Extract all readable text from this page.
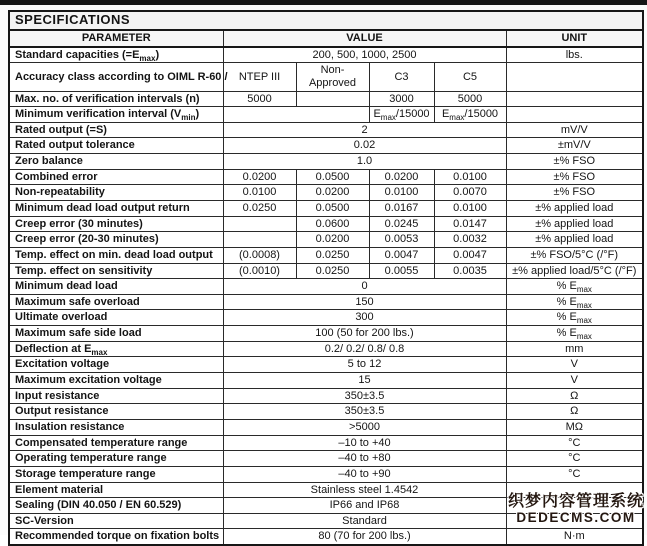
SPECIFICATIONS					
PARAMETER	VALUE				UNIT
Standard capacities $(=E_{max})$	200, 500, 1000, 2500				lbs.
Accuracy class according to OIML R-60 /	NTEP III	Non-Approved	C3	C5	
Max. no. of verification intervals (n)	5000		3000	5000	
Minimum verification interval $(V_{min})$			$E_{max}/15000$	$E_{max}/15000$	
Rated output (=S)	2				mV/V
Rated output tolerance	0.02				±mV/V
Zero balance	1.0				±% FSO
Combined error	0.0200	0.0500	0.0200	0.0100	±% FSO
Non-repeatability	0.0100	0.0200	0.0100	0.0070	±% FSO
Minimum dead load output return	0.0250	0.0500	0.0167	0.0100	±% applied load
Creep error (30 minutes)		0.0600	0.0245	0.0147	±% applied load
Creep error (20-30 minutes)		0.0200	0.0053	0.0032	±% applied load
Temp. effect on min. dead load output	(0.0008)	0.0250	0.0047	0.0047	±% FSO/5°C (/°F)
Temp. effect on sensitivity	(0.0010)	0.0250	0.0055	0.0035	±% applied load/5°C (/°F)
Minimum dead load	0				% $E_{max}$
Maximum safe overload	150				% $E_{max}$
Ultimate overload	300				% $E_{max}$
Maximum safe side load	100 (50 for 200 lbs.)				% $E_{max}$
Deflection at $E_{max}$	0.2/ 0.2/ 0.8/ 0.8				mm
Excitation voltage	5 to 12				V
Maximum excitation voltage	15				V
Input resistance	350±3.5				Ω
Output resistance	350±3.5				Ω
Insulation resistance	>5000				MΩ
Compensated temperature range	–10 to +40				°C
Operating temperature range	–40 to +80				°C
Storage temperature range	–40 to +90				°C
Element material	Stainless steel 1.4542				
Sealing (DIN 40.050 / EN 60.529)	IP66 and IP68				
SC-Version	Standard				
Recommended torque on fixation bolts	80 (70 for 200 lbs.)				N·m
织梦内容管理系统
DEDECMS.COM
